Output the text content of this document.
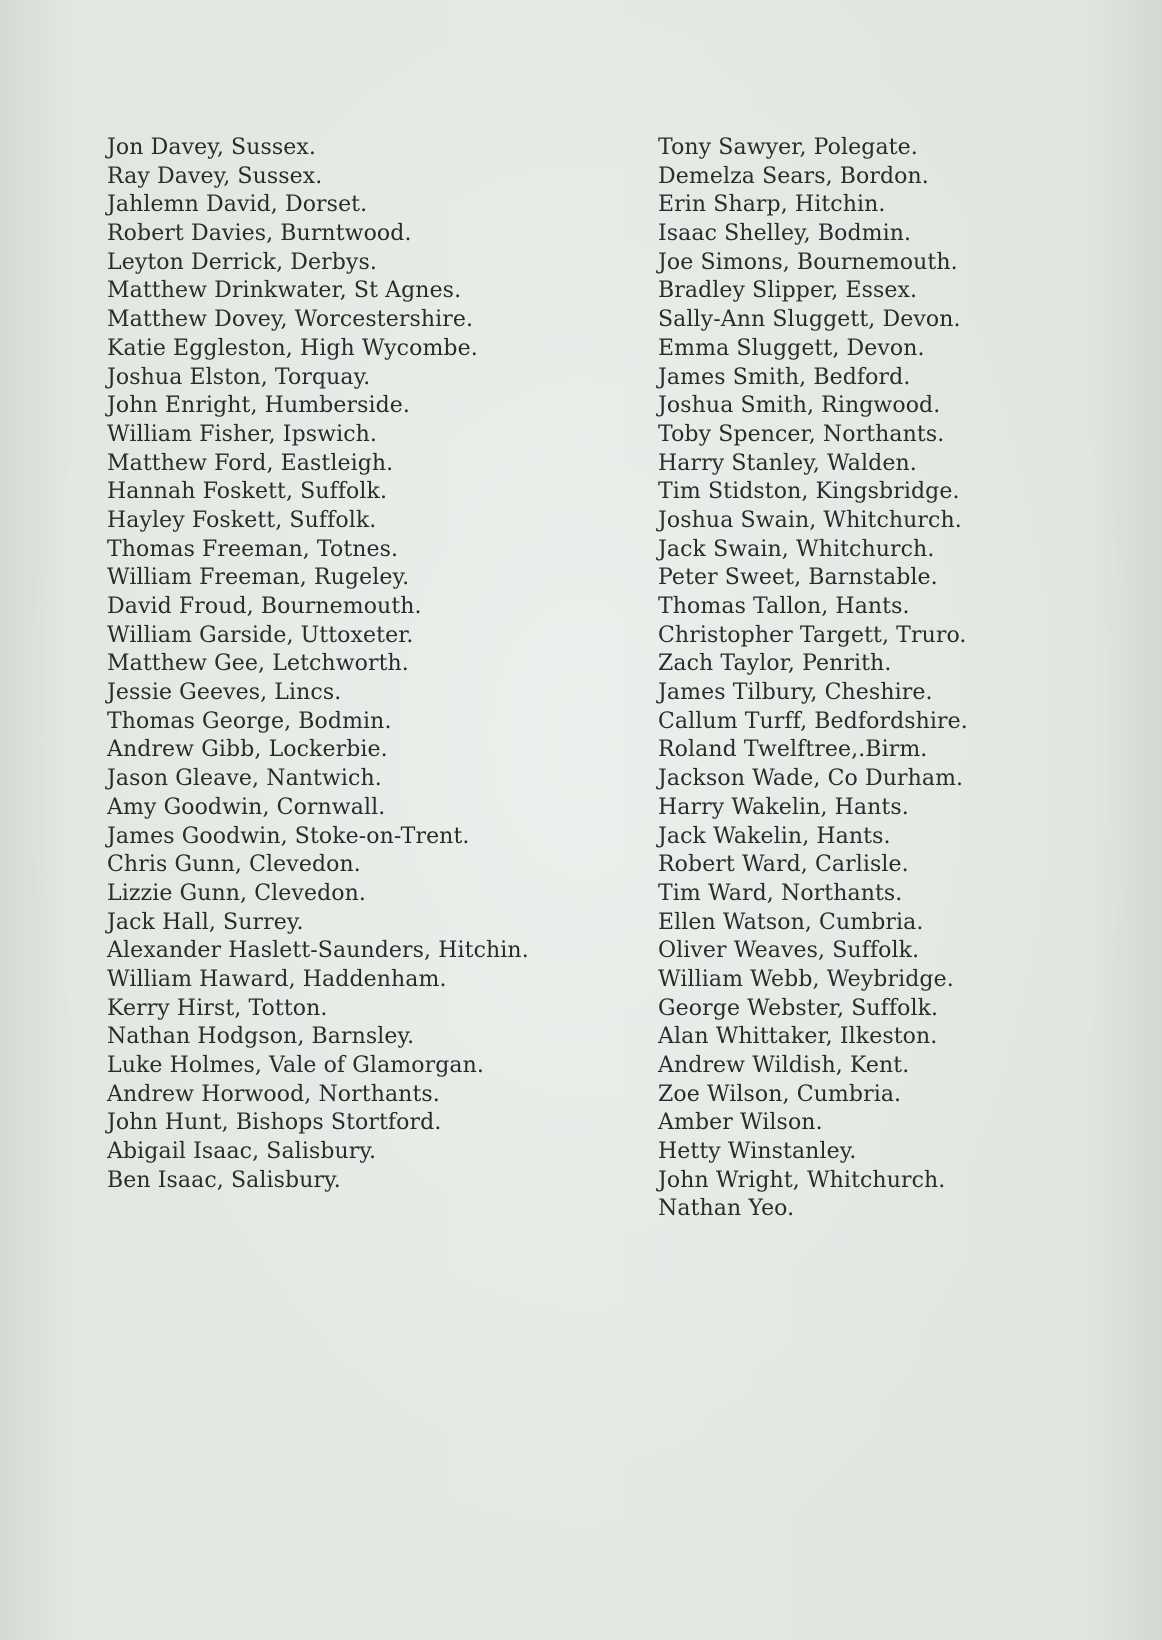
Jon Davey, Sussex.
Ray Davey, Sussex.
Jahlemn David, Dorset.
Robert Davies, Burntwood.
Leyton Derrick, Derbys.
Matthew Drinkwater, St Agnes.
Matthew Dovey, Worcestershire.
Katie Eggleston, High Wycombe.
Joshua Elston, Torquay.
John Enright, Humberside.
William Fisher, Ipswich.
Matthew Ford, Eastleigh.
Hannah Foskett, Suffolk.
Hayley Foskett, Suffolk.
Thomas Freeman, Totnes.
William Freeman, Rugeley.
David Froud, Bournemouth.
William Garside, Uttoxeter.
Matthew Gee, Letchworth.
Jessie Geeves, Lincs.
Thomas George, Bodmin.
Andrew Gibb, Lockerbie.
Jason Gleave, Nantwich.
Amy Goodwin, Cornwall.
James Goodwin, Stoke-on-Trent.
Chris Gunn, Clevedon.
Lizzie Gunn, Clevedon.
Jack Hall, Surrey.
Alexander Haslett-Saunders, Hitchin.
William Haward, Haddenham.
Kerry Hirst, Totton.
Nathan Hodgson, Barnsley.
Luke Holmes, Vale of Glamorgan.
Andrew Horwood, Northants.
John Hunt, Bishops Stortford.
Abigail Isaac, Salisbury.
Ben Isaac, Salisbury.
Tony Sawyer, Polegate.
Demelza Sears, Bordon.
Erin Sharp, Hitchin.
Isaac Shelley, Bodmin.
Joe Simons, Bournemouth.
Bradley Slipper, Essex.
Sally-Ann Sluggett, Devon.
Emma Sluggett, Devon.
James Smith, Bedford.
Joshua Smith, Ringwood.
Toby Spencer, Northants.
Harry Stanley, Walden.
Tim Stidston, Kingsbridge.
Joshua Swain, Whitchurch.
Jack Swain, Whitchurch.
Peter Sweet, Barnstable.
Thomas Tallon, Hants.
Christopher Targett, Truro.
Zach Taylor, Penrith.
James Tilbury, Cheshire.
Callum Turff, Bedfordshire.
Roland Twelftree,.Birm.
Jackson Wade, Co Durham.
Harry Wakelin, Hants.
Jack Wakelin, Hants.
Robert Ward, Carlisle.
Tim Ward, Northants.
Ellen Watson, Cumbria.
Oliver Weaves, Suffolk.
William Webb, Weybridge.
George Webster, Suffolk.
Alan Whittaker, Ilkeston.
Andrew Wildish, Kent.
Zoe Wilson, Cumbria.
Amber Wilson.
Hetty Winstanley.
John Wright, Whitchurch.
Nathan Yeo.
